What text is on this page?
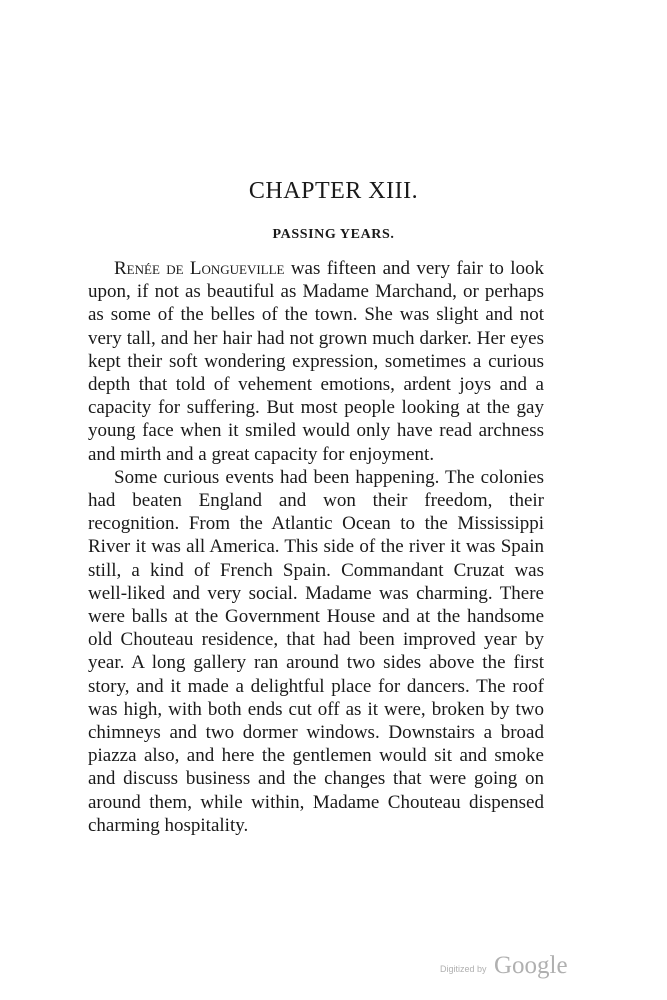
CHAPTER XIII.
PASSING YEARS.

Renée de Longueville was fifteen and very fair to look upon, if not as beautiful as Madame Marchand, or perhaps as some of the belles of the town. She was slight and not very tall, and her hair had not grown much darker. Her eyes kept their soft wondering expression, sometimes a curious depth that told of vehement emotions, ardent joys and a capacity for suffering. But most people looking at the gay young face when it smiled would only have read archness and mirth and a great capacity for enjoyment.

Some curious events had been happening. The colonies had beaten England and won their freedom, their recognition. From the Atlantic Ocean to the Mississippi River it was all America. This side of the river it was Spain still, a kind of French Spain. Commandant Cruzat was well-liked and very social. Madame was charming. There were balls at the Government House and at the handsome old Chouteau residence, that had been improved year by year. A long gallery ran around two sides above the first story, and it made a delightful place for dancers. The roof was high, with both ends cut off as it were, broken by two chimneys and two dormer windows. Downstairs a broad piazza also, and here the gentlemen would sit and smoke and discuss business and the changes that were going on around them, while within, Madame Chouteau dispensed charming hospitality.

Digitized by Google
